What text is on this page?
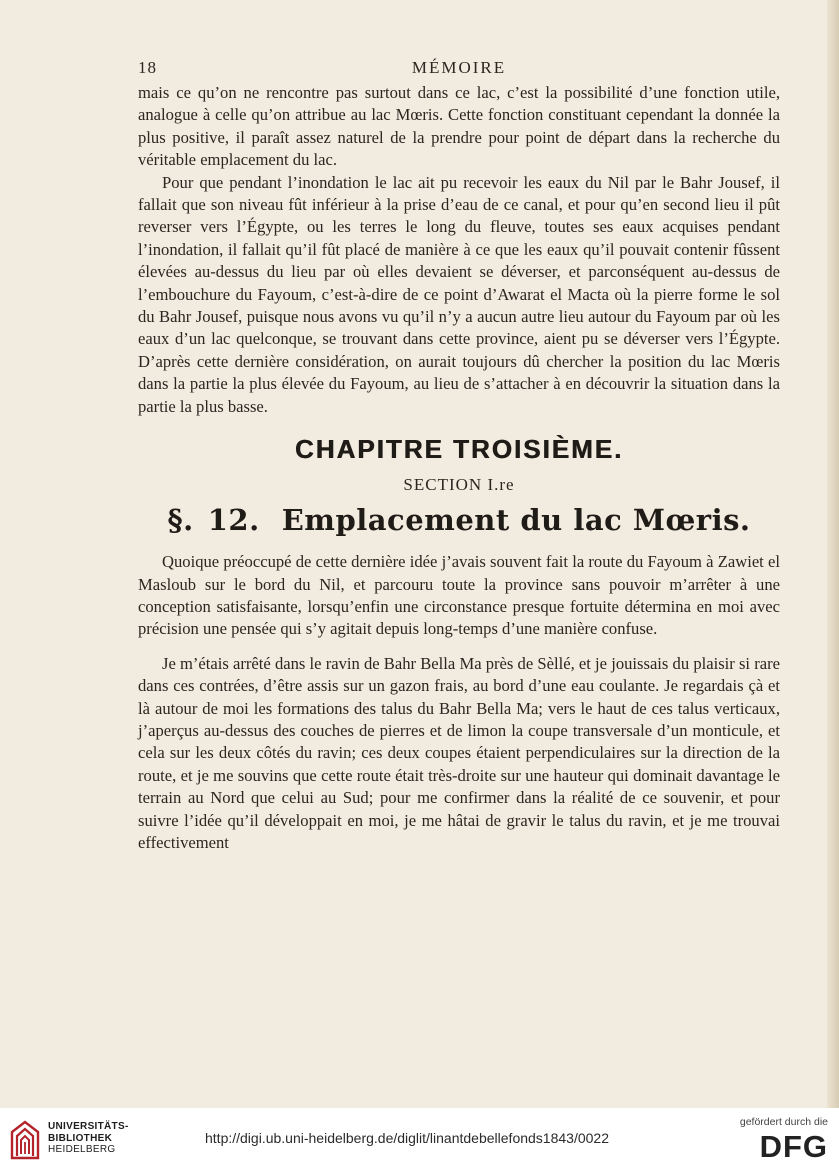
18	MÉMOIRE

mais ce qu’on ne rencontre pas surtout dans ce lac, c’est la possibilité d’une fonction utile, analogue à celle qu’on attribue au lac Mœris. Cette fonction constituant cependant la donnée la plus positive, il paraît assez naturel de la prendre pour point de départ dans la recherche du véritable emplacement du lac.

Pour que pendant l’inondation le lac ait pu recevoir les eaux du Nil par le Bahr Jousef, il fallait que son niveau fût inférieur à la prise d’eau de ce canal, et pour qu’en second lieu il pût reverser vers l’Égypte, ou les terres le long du fleuve, toutes ses eaux acquises pendant l’inondation, il fallait qu’il fût placé de manière à ce que les eaux qu’il pouvait contenir fûssent élevées au-dessus du lieu par où elles devaient se déverser, et parconséquent au-dessus de l’embouchure du Fayoum, c’est-à-dire de ce point d’Awarat el Macta où la pierre forme le sol du Bahr Jousef, puisque nous avons vu qu’il n’y a aucun autre lieu autour du Fayoum par où les eaux d’un lac quelconque, se trouvant dans cette province, aient pu se déverser vers l’Égypte. D’après cette dernière considération, on aurait toujours dû chercher la position du lac Mœris dans la partie la plus élevée du Fayoum, au lieu de s’attacher à en découvrir la situation dans la partie la plus basse.

CHAPITRE TROISIÈME.
SECTION I.re
§. 12. Emplacement du lac Mœris.

Quoique préoccupé de cette dernière idée j’avais souvent fait la route du Fayoum à Zawiet el Masloub sur le bord du Nil, et parcouru toute la province sans pouvoir m’arrêter à une conception satisfaisante, lorsqu’enfin une circonstance presque fortuite détermina en moi avec précision une pensée qui s’y agitait depuis long-temps d’une manière confuse.

Je m’étais arrêté dans le ravin de Bahr Bella Ma près de Sèllé, et je jouissais du plaisir si rare dans ces contrées, d’être assis sur un gazon frais, au bord d’une eau coulante. Je regardais çà et là autour de moi les formations des talus du Bahr Bella Ma; vers le haut de ces talus verticaux, j’aperçus au-dessus des couches de pierres et de limon la coupe transversale d’un monticule, et cela sur les deux côtés du ravin; ces deux coupes étaient perpendiculaires sur la direction de la route, et je me souvins que cette route était très-droite sur une hauteur qui dominait davantage le terrain au Nord que celui au Sud; pour me confirmer dans la réalité de ce souvenir, et pour suivre l’idée qu’il développait en moi, je me hâtai de gravir le talus du ravin, et je me trouvai effectivement

UNIVERSITÄTS-
BIBLIOTHEK
HEIDELBERG
http://digi.ub.uni-heidelberg.de/diglit/linantdebellefonds1843/0022
gefördert durch die
DFG
